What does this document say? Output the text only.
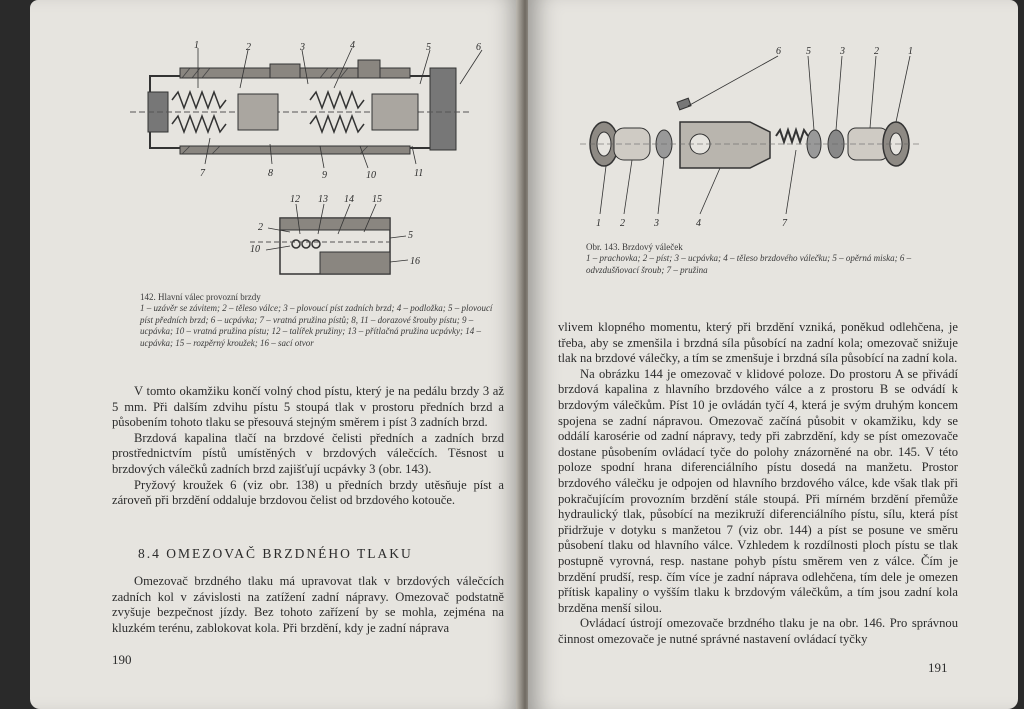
1	2	3	4	5	6
7	8	9	10	11
12 13 14 15
2
5
10
16
142. Hlavní válec provozní brzdy
1 – uzávěr se závitem; 2 – těleso válce; 3 – plovoucí píst zadních brzd; 4 – podložka; 5 – plovoucí píst předních brzd; 6 – ucpávka; 7 – vratná pružina pístů; 8, 11 – dorazové šrouby pístu; 9 – ucpávka; 10 – vratná pružina pístu; 12 – talířek pružiny; 13 – přítlačná pružina ucpávky; 14 – ucpávka; 15 – rozpěrný kroužek; 16 – sací otvor

V tomto okamžiku končí volný chod pístu, který je na pedálu brzdy 3 až 5 mm. Při dalším zdvihu pístu 5 stoupá tlak v prostoru předních brzd a působením tohoto tlaku se přesouvá stejným směrem i píst 3 zadních brzd.

Brzdová kapalina tlačí na brzdové čelisti předních a zadních brzd prostřednictvím pístů umístěných v brzdových válečcích. Těsnost u brzdových válečků zadních brzd zajišťují ucpávky 3 (obr. 143).

Pryžový kroužek 6 (viz obr. 138) u předních brzdy utěsňuje píst a zároveň při brzdění oddaluje brzdovou čelist od brzdového kotouče.

8.4 OMEZOVAČ BRZDNÉHO TLAKU

Omezovač brzdného tlaku má upravovat tlak v brzdových válečcích zadních kol v závislosti na zatížení zadní nápravy. Omezovač podstatně zvyšuje bezpečnost jízdy. Bez tohoto zařízení by se mohla, zejména na kluzkém terénu, zablokovat kola. Při brzdění, kdy je zadní náprava

190
6	5	3	2	1
1 2	3	4	7
Obr. 143. Brzdový váleček
1 – prachovka; 2 – píst; 3 – ucpávka; 4 – těleso brzdového válečku; 5 – opěrná miska; 6 – odvzdušňovací šroub; 7 – pružina

vlivem klopného momentu, který při brzdění vzniká, poněkud odlehčena, je třeba, aby se zmenšila i brzdná síla působící na zadní kola; omezovač snižuje tlak na brzdové válečky, a tím se zmenšuje i brzdná síla působící na zadní kola.

Na obrázku 144 je omezovač v klidové poloze. Do prostoru A se přivádí brzdová kapalina z hlavního brzdového válce a z prostoru B se odvádí k brzdovým válečkům. Píst 10 je ovládán tyčí 4, která je svým druhým koncem spojena se zadní nápravou. Omezovač začíná působit v okamžiku, kdy se oddálí karosérie od zadní nápravy, tedy při zabrzdění, kdy se píst omezovače dostane působením ovládací tyče do polohy znázorněné na obr. 145. V této poloze spodní hrana diferenciálního pístu dosedá na manžetu. Prostor brzdového válečku je odpojen od hlavního brzdového válce, kde však tlak při pokračujícím provozním brzdění stále stoupá. Při mírném brzdění přemůže hydraulický tlak, působící na mezikruží diferenciálního pístu, sílu, která píst přidržuje v dotyku s manžetou 7 (viz obr. 144) a píst se posune ve směru působení tlaku od hlavního válce. Vzhledem k rozdílnosti ploch pístu se tlak postupně vyrovná, resp. nastane pohyb pístu směrem ven z válce. Čím je brzdění prudší, resp. čím více je zadní náprava odlehčena, tím dele je omezen přítisk kapaliny o vyšším tlaku k brzdovým válečkům, a tím jsou zadní kola brzděna menší silou.

Ovládací ústrojí omezovače brzdného tlaku je na obr. 146. Pro správnou činnost omezovače je nutné správné nastavení ovládací tyčky

191
